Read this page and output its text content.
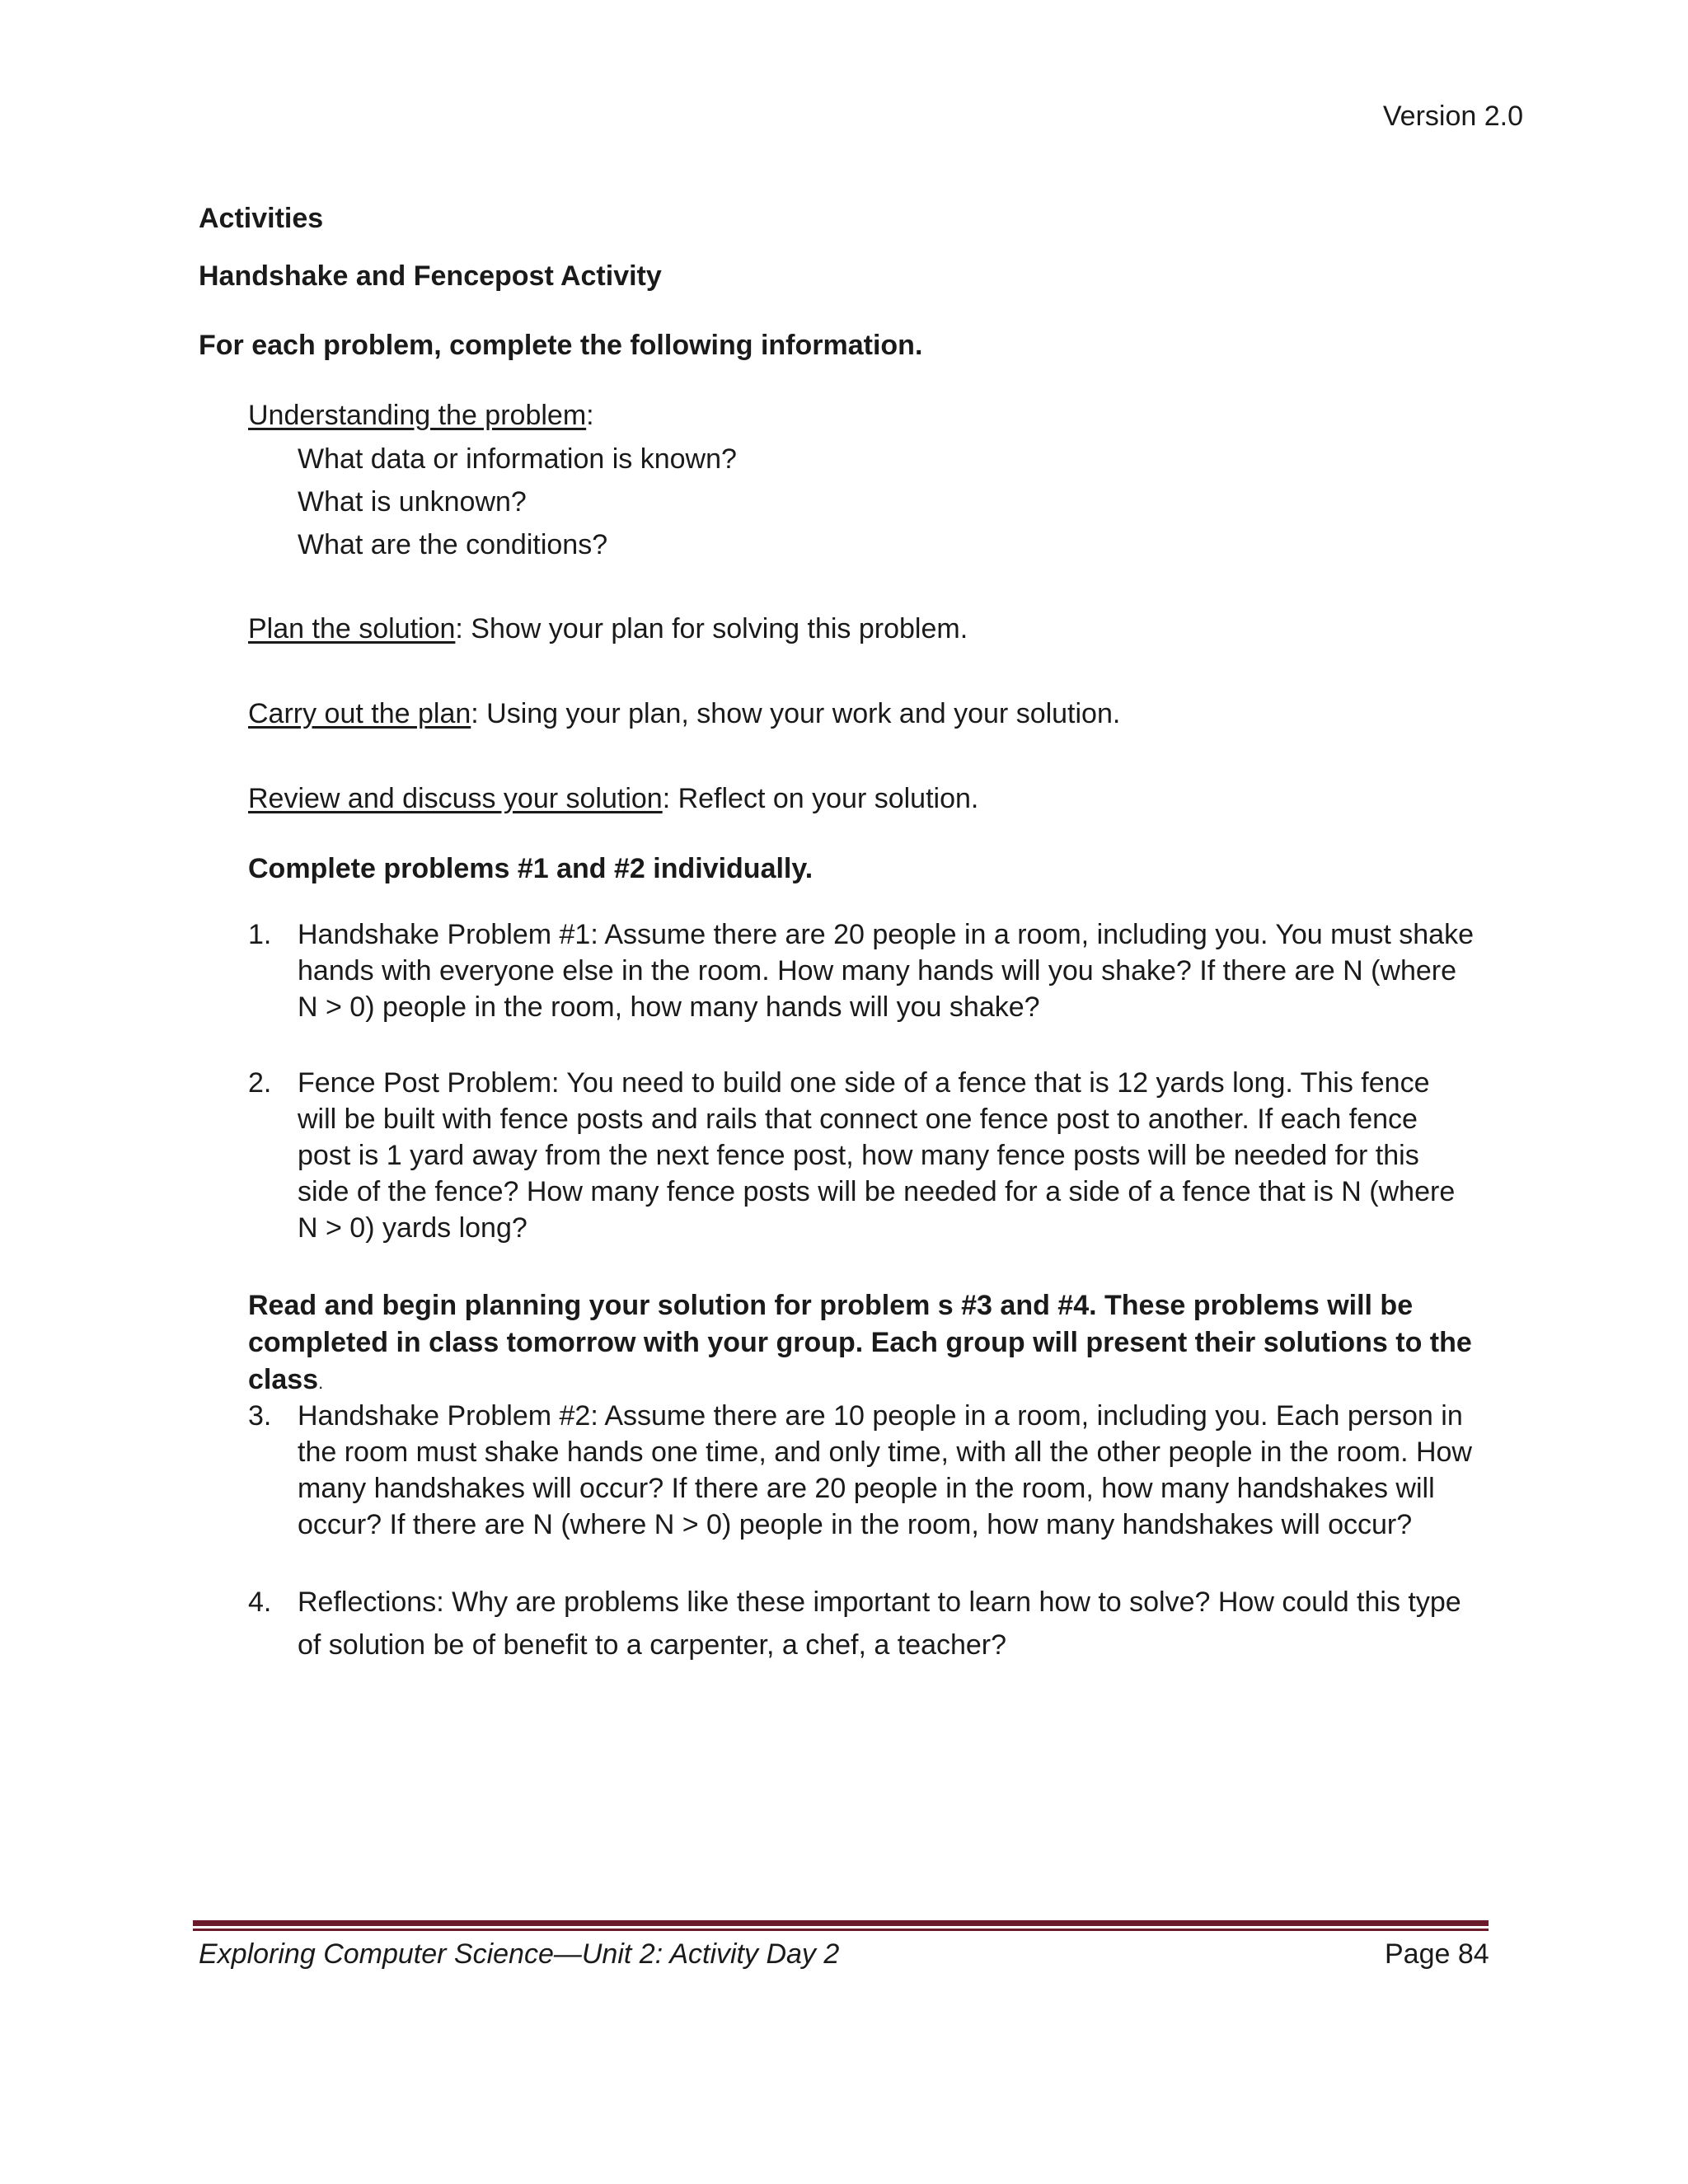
Version 2.0
Activities
Handshake and Fencepost Activity
For each problem, complete the following information.
Understanding the problem:
What data or information is known?
What is unknown?
What are the conditions?
Plan the solution: Show your plan for solving this problem.
Carry out the plan: Using your plan, show your work and your solution.
Review and discuss your solution: Reflect on your solution.
Complete problems #1 and #2 individually.
1. Handshake Problem #1: Assume there are 20 people in a room, including you. You must shake hands with everyone else in the room. How many hands will you shake? If there are N (where N > 0) people in the room, how many hands will you shake?
2. Fence Post Problem: You need to build one side of a fence that is 12 yards long. This fence will be built with fence posts and rails that connect one fence post to another. If each fence post is 1 yard away from the next fence post, how many fence posts will be needed for this side of the fence? How many fence posts will be needed for a side of a fence that is N (where N > 0) yards long?
Read and begin planning your solution for problem s #3 and #4. These problems will be completed in class tomorrow with your group. Each group will present their solutions to the class.
3. Handshake Problem #2: Assume there are 10 people in a room, including you. Each person in the room must shake hands one time, and only time, with all the other people in the room. How many handshakes will occur? If there are 20 people in the room, how many handshakes will occur? If there are N (where N > 0) people in the room, how many handshakes will occur?
4. Reflections: Why are problems like these important to learn how to solve? How could this type of solution be of benefit to a carpenter, a chef, a teacher?
Exploring Computer Science—Unit 2: Activity Day 2	Page 84
